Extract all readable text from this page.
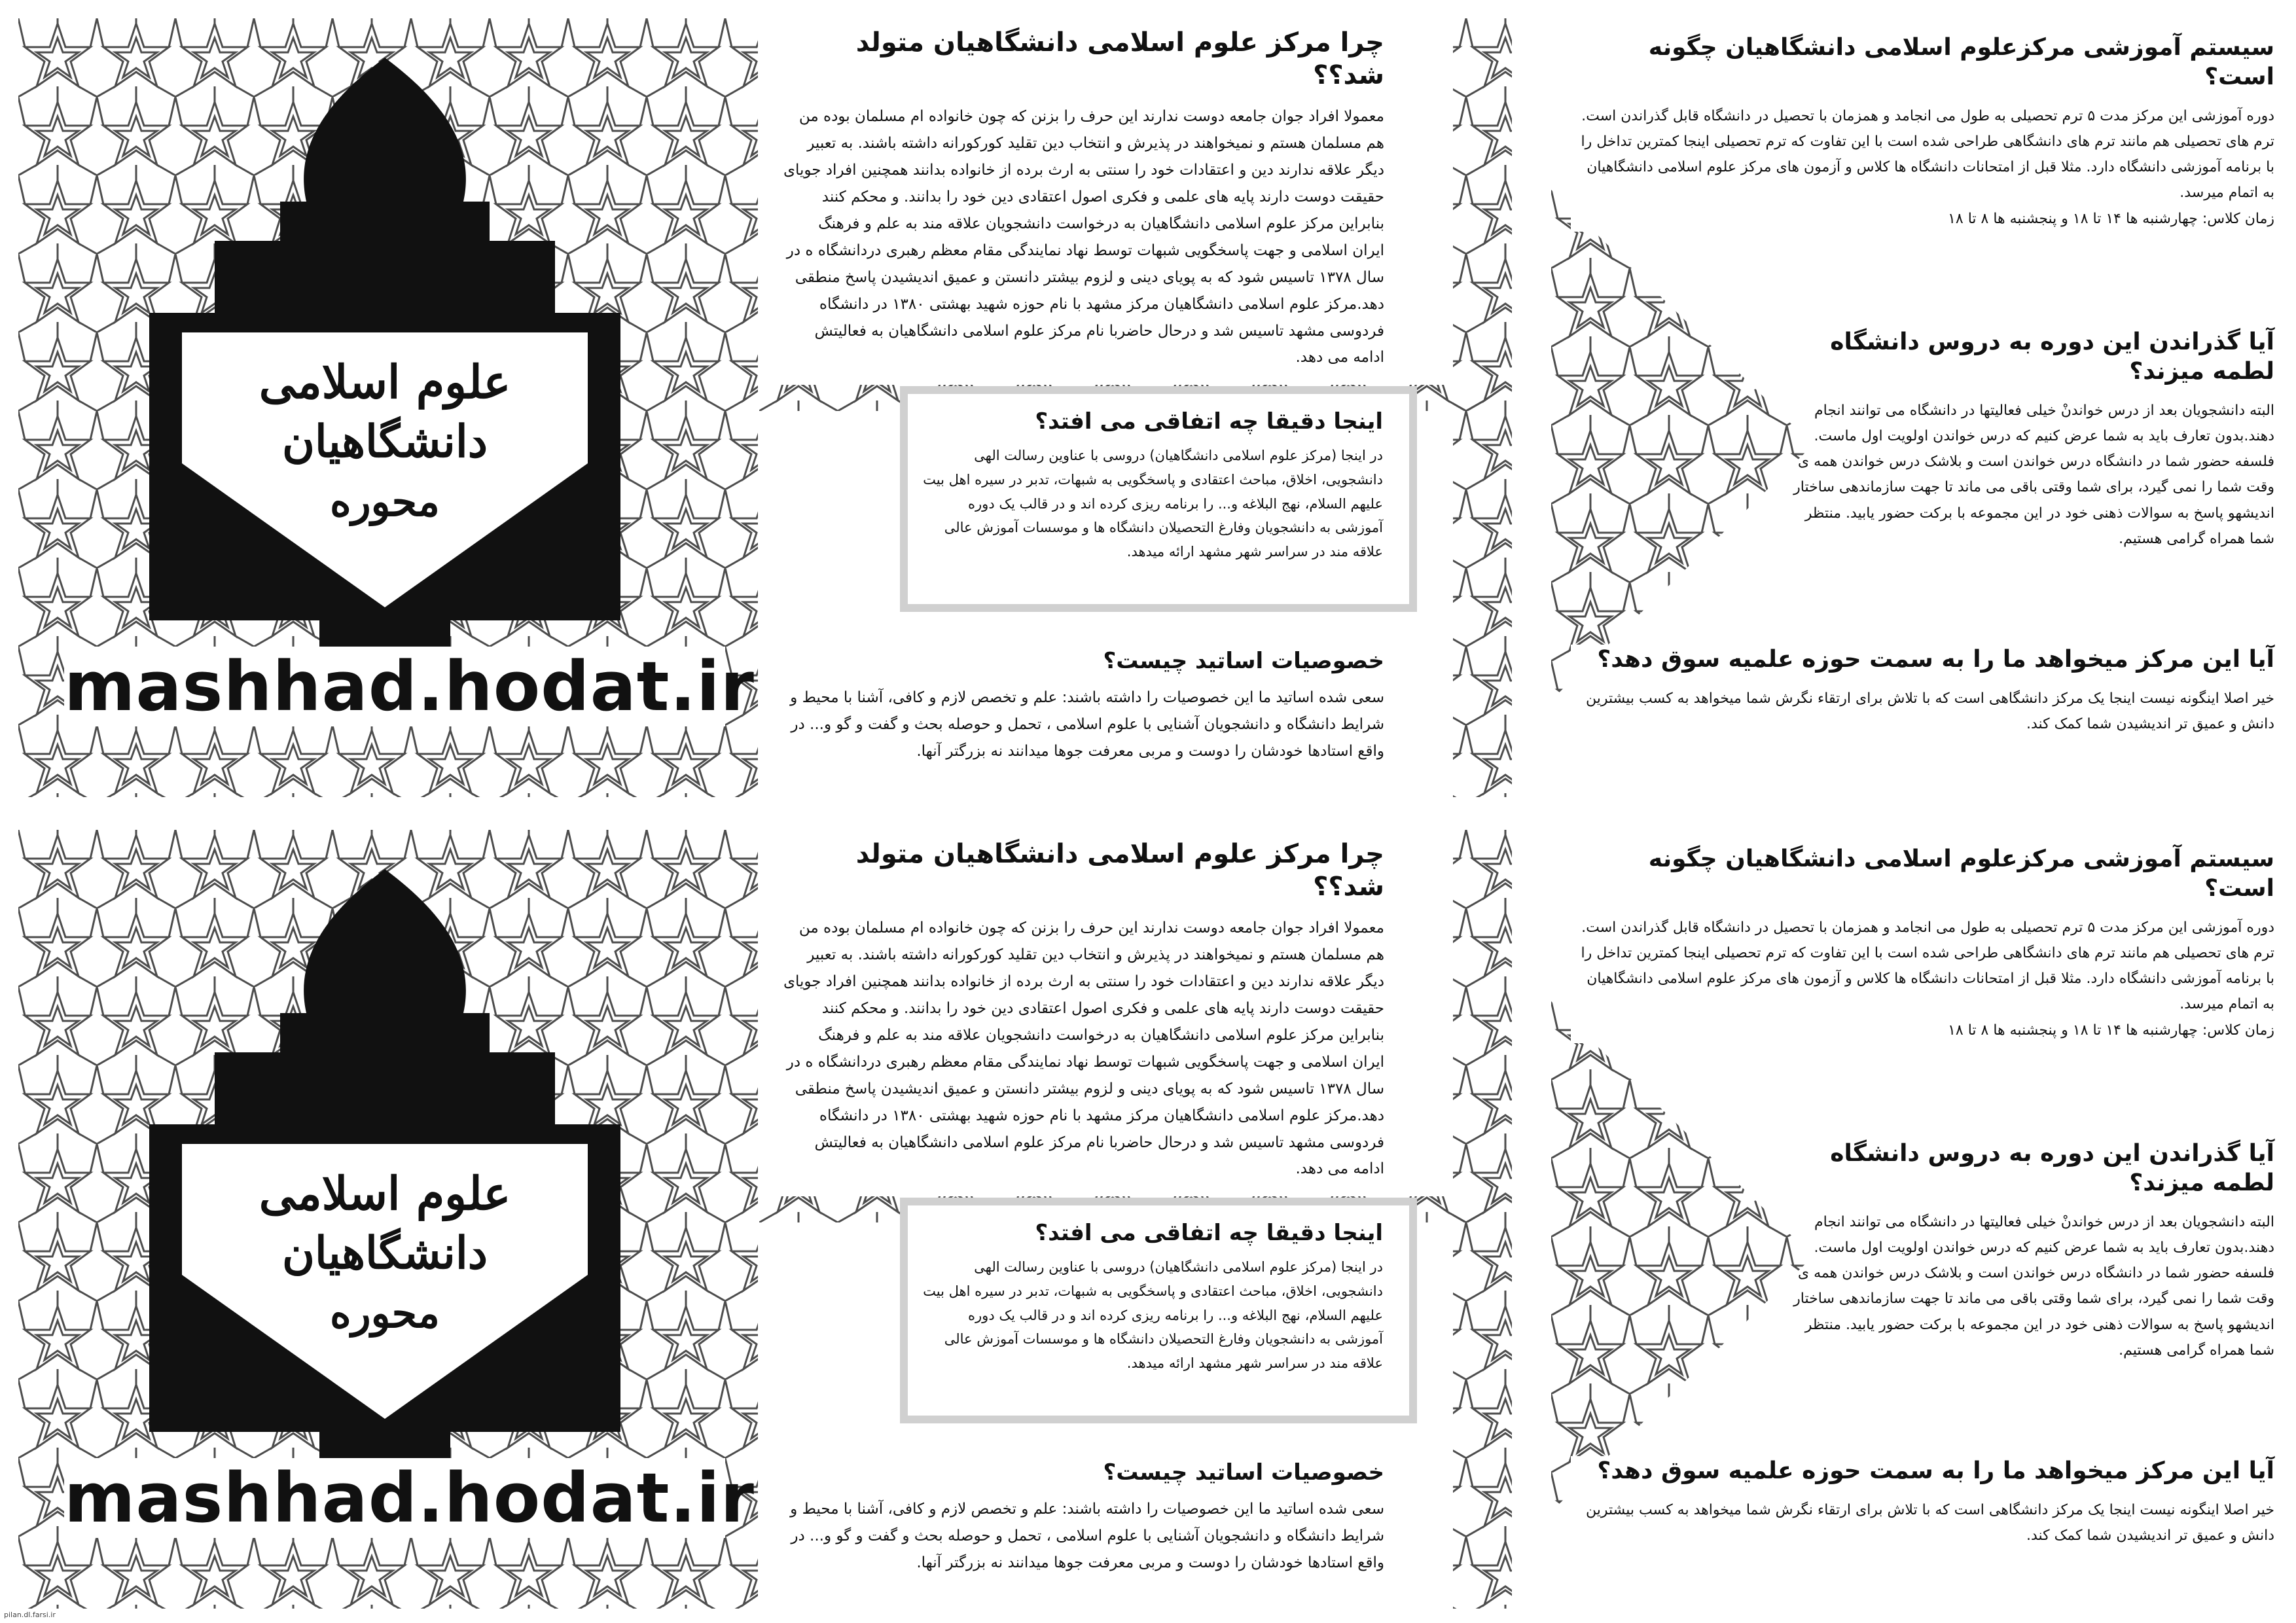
علوم اسلامی
دانشگاهیان
محوره
mashhad.hodat.ir
چرا مرکز علوم اسلامی دانشگاهیان متولد شد؟؟

معمولا افراد جوان جامعه دوست ندارند این حرف را بزنن که چون خانواده ام مسلمان بوده من هم مسلمان هستم و نمیخواهند در پذیرش و انتخاب دین تقلید کورکورانه داشته باشند. به تعبیر دیگر علاقه ندارند دین و اعتقادات خود را سنتی به ارث برده از خانواده بدانند همچنین افراد جویای حقیقت دوست دارند پایه های علمی و فکری اصول اعتقادی دین خود را بدانند. و محکم کنند بنابراین مرکز علوم اسلامی دانشگاهیان به درخواست دانشجویان علاقه مند به علم و فرهنگ ایران اسلامی و جهت پاسخگویی شبهات توسط نهاد نمایندگی مقام معظم رهبری دردانشگاه ه در سال ۱۳۷۸ تاسیس شود که به پویای دینی و لزوم بیشتر دانستن و عمیق اندیشیدن پاسخ منطقی دهد.مرکز علوم اسلامی دانشگاهیان مرکز مشهد با نام حوزه شهید بهشتی ۱۳۸۰ در دانشگاه فردوسی مشهد تاسیس شد و درحال حاضربا نام مرکز علوم اسلامی دانشگاهیان به فعالیتش ادامه می دهد.

اینجا دقیقا چه اتفاقی می افتد؟

در اینجا (مرکز علوم اسلامی دانشگاهیان) دروسی با عناوین رسالت الهی دانشجویی، اخلاق، مباحث اعتقادی و پاسخگویی به شبهات، تدبر در سیره اهل بیت علیهم السلام، نهج البلاغه و... را برنامه ریزی کرده اند و در قالب یک دوره آموزشی به دانشجویان وفارغ التحصیلان دانشگاه ها و موسسات آموزش عالی علاقه مند در سراسر شهر مشهد ارائه میدهد.

خصوصیات اساتید چیست؟

سعی شده اساتید ما این خصوصیات را داشته باشند: علم و تخصص لازم و کافی، آشنا با محیط و شرایط دانشگاه و دانشجویان آشنایی با علوم اسلامی ، تحمل و حوصله بحث و گفت و گو و... در واقع استادها خودشان را دوست و مربی معرفت جوها میدانند نه بزرگتر آنها.

سیستم آموزشی مرکزعلوم اسلامی دانشگاهیان چگونه است؟

دوره آموزشی این مرکز مدت ۵ ترم تحصیلی به طول می انجامد و همزمان با تحصیل در دانشگاه قابل گذراندن است. ترم های تحصیلی هم مانند ترم های دانشگاهی طراحی شده است با این تفاوت که ترم تحصیلی اینجا کمترین تداخل را با برنامه آموزشی دانشگاه دارد. مثلا قبل از امتحانات دانشگاه ها کلاس و آزمون های مرکز علوم اسلامی دانشگاهیان به اتمام میرسد.

زمان کلاس: چهارشنبه ها ۱۴ تا ۱۸ و پنجشنبه ها ۸ تا ۱۸

آیا گذراندن این دوره به دروس دانشگاه لطمه میزند؟

البته دانشجویان بعد از درس خواندنْ خیلی فعالیتها در دانشگاه می توانند انجام دهند.بدون تعارف باید به شما عرض کنیم که درس خواندن اولویت اول ماست. فلسفه حضور شما در دانشگاه درس خواندن است و بلاشک درس خواندن همه ی وقت شما را نمی گیرد، برای شما وقتی باقی می ماند تا جهت سازماندهی ساختار اندیشهو پاسخ به سوالات ذهنی خود در این مجموعه با برکت حضور یابید. منتظر شما همراه گرامی هستیم.

آیا این مرکز میخواهد ما را به سمت حوزه علمیه سوق دهد؟

خیر اصلا اینگونه نیست اینجا یک مرکز دانشگاهی است که با تلاش برای ارتقاء نگرش شما میخواهد به کسب بیشترین دانش و عمیق تر اندیشیدن شما کمک کند.

علوم اسلامی
دانشگاهیان
محوره
mashhad.hodat.ir
چرا مرکز علوم اسلامی دانشگاهیان متولد شد؟؟

معمولا افراد جوان جامعه دوست ندارند این حرف را بزنن که چون خانواده ام مسلمان بوده من هم مسلمان هستم و نمیخواهند در پذیرش و انتخاب دین تقلید کورکورانه داشته باشند. به تعبیر دیگر علاقه ندارند دین و اعتقادات خود را سنتی به ارث برده از خانواده بدانند همچنین افراد جویای حقیقت دوست دارند پایه های علمی و فکری اصول اعتقادی دین خود را بدانند. و محکم کنند بنابراین مرکز علوم اسلامی دانشگاهیان به درخواست دانشجویان علاقه مند به علم و فرهنگ ایران اسلامی و جهت پاسخگویی شبهات توسط نهاد نمایندگی مقام معظم رهبری دردانشگاه ه در سال ۱۳۷۸ تاسیس شود که به پویای دینی و لزوم بیشتر دانستن و عمیق اندیشیدن پاسخ منطقی دهد.مرکز علوم اسلامی دانشگاهیان مرکز مشهد با نام حوزه شهید بهشتی ۱۳۸۰ در دانشگاه فردوسی مشهد تاسیس شد و درحال حاضربا نام مرکز علوم اسلامی دانشگاهیان به فعالیتش ادامه می دهد.

اینجا دقیقا چه اتفاقی می افتد؟

در اینجا (مرکز علوم اسلامی دانشگاهیان) دروسی با عناوین رسالت الهی دانشجویی، اخلاق، مباحث اعتقادی و پاسخگویی به شبهات، تدبر در سیره اهل بیت علیهم السلام، نهج البلاغه و... را برنامه ریزی کرده اند و در قالب یک دوره آموزشی به دانشجویان وفارغ التحصیلان دانشگاه ها و موسسات آموزش عالی علاقه مند در سراسر شهر مشهد ارائه میدهد.

خصوصیات اساتید چیست؟

سعی شده اساتید ما این خصوصیات را داشته باشند: علم و تخصص لازم و کافی، آشنا با محیط و شرایط دانشگاه و دانشجویان آشنایی با علوم اسلامی ، تحمل و حوصله بحث و گفت و گو و... در واقع استادها خودشان را دوست و مربی معرفت جوها میدانند نه بزرگتر آنها.

سیستم آموزشی مرکزعلوم اسلامی دانشگاهیان چگونه است؟

دوره آموزشی این مرکز مدت ۵ ترم تحصیلی به طول می انجامد و همزمان با تحصیل در دانشگاه قابل گذراندن است. ترم های تحصیلی هم مانند ترم های دانشگاهی طراحی شده است با این تفاوت که ترم تحصیلی اینجا کمترین تداخل را با برنامه آموزشی دانشگاه دارد. مثلا قبل از امتحانات دانشگاه ها کلاس و آزمون های مرکز علوم اسلامی دانشگاهیان به اتمام میرسد.

زمان کلاس: چهارشنبه ها ۱۴ تا ۱۸ و پنجشنبه ها ۸ تا ۱۸

آیا گذراندن این دوره به دروس دانشگاه لطمه میزند؟

البته دانشجویان بعد از درس خواندنْ خیلی فعالیتها در دانشگاه می توانند انجام دهند.بدون تعارف باید به شما عرض کنیم که درس خواندن اولویت اول ماست. فلسفه حضور شما در دانشگاه درس خواندن است و بلاشک درس خواندن همه ی وقت شما را نمی گیرد، برای شما وقتی باقی می ماند تا جهت سازماندهی ساختار اندیشهو پاسخ به سوالات ذهنی خود در این مجموعه با برکت حضور یابید. منتظر شما همراه گرامی هستیم.

آیا این مرکز میخواهد ما را به سمت حوزه علمیه سوق دهد؟

خیر اصلا اینگونه نیست اینجا یک مرکز دانشگاهی است که با تلاش برای ارتقاء نگرش شما میخواهد به کسب بیشترین دانش و عمیق تر اندیشیدن شما کمک کند.

pilan.dl.farsi.ir
